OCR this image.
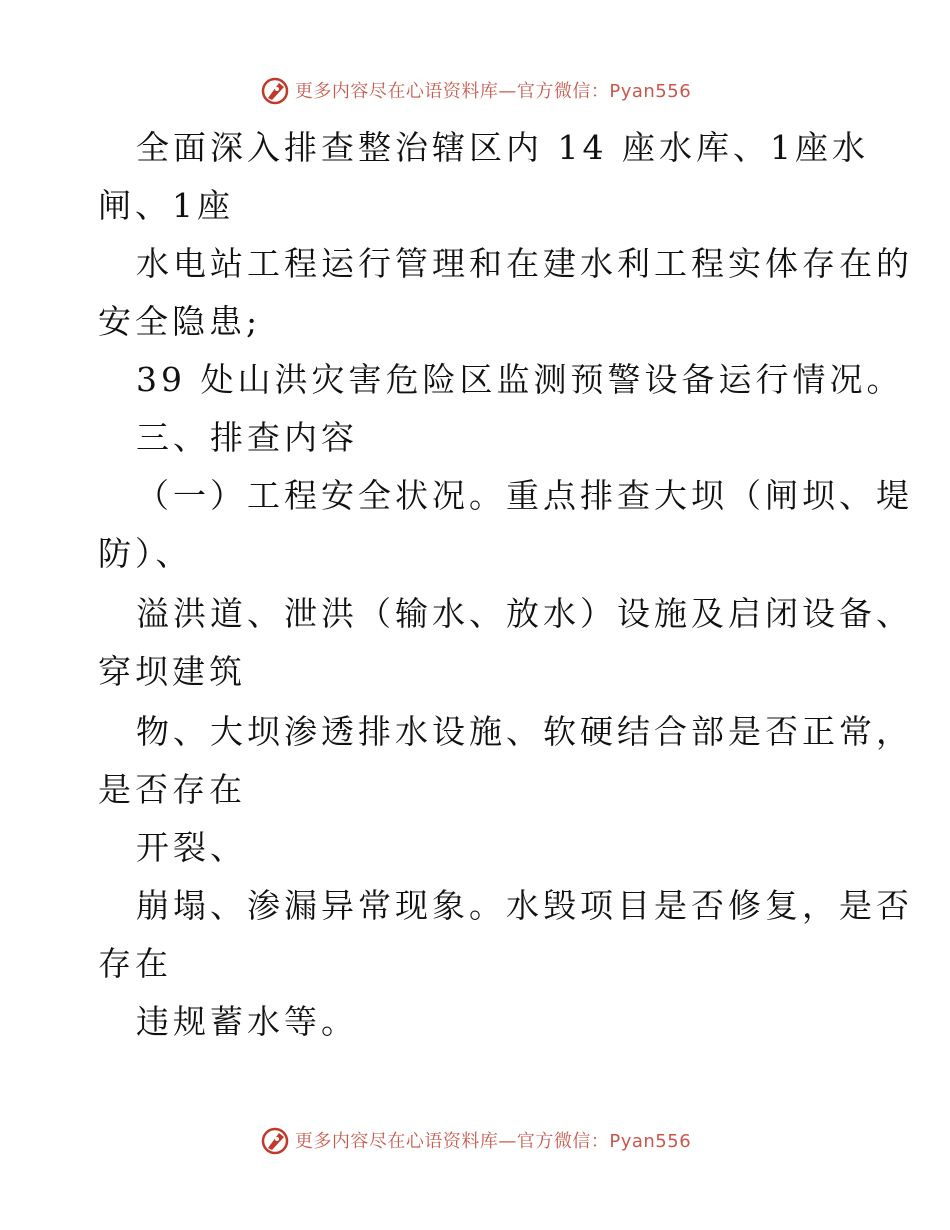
更多内容尽在心语资料库—官方微信：Pyan556
全面深入排查整治辖区内 14 座水库、1座水
闸、1座
水电站工程运行管理和在建水利工程实体存在的
安全隐患;
39 处山洪灾害危险区监测预警设备运行情况。
三、排查内容
（一）工程安全状况。重点排查大坝（闸坝、堤
防）、
溢洪道、泄洪（输水、放水）设施及启闭设备、
穿坝建筑
物、大坝渗透排水设施、软硬结合部是否正常，
是否存在
开裂、
崩塌、渗漏异常现象。水毁项目是否修复，是否
存在
违规蓄水等。
更多内容尽在心语资料库—官方微信：Pyan556
